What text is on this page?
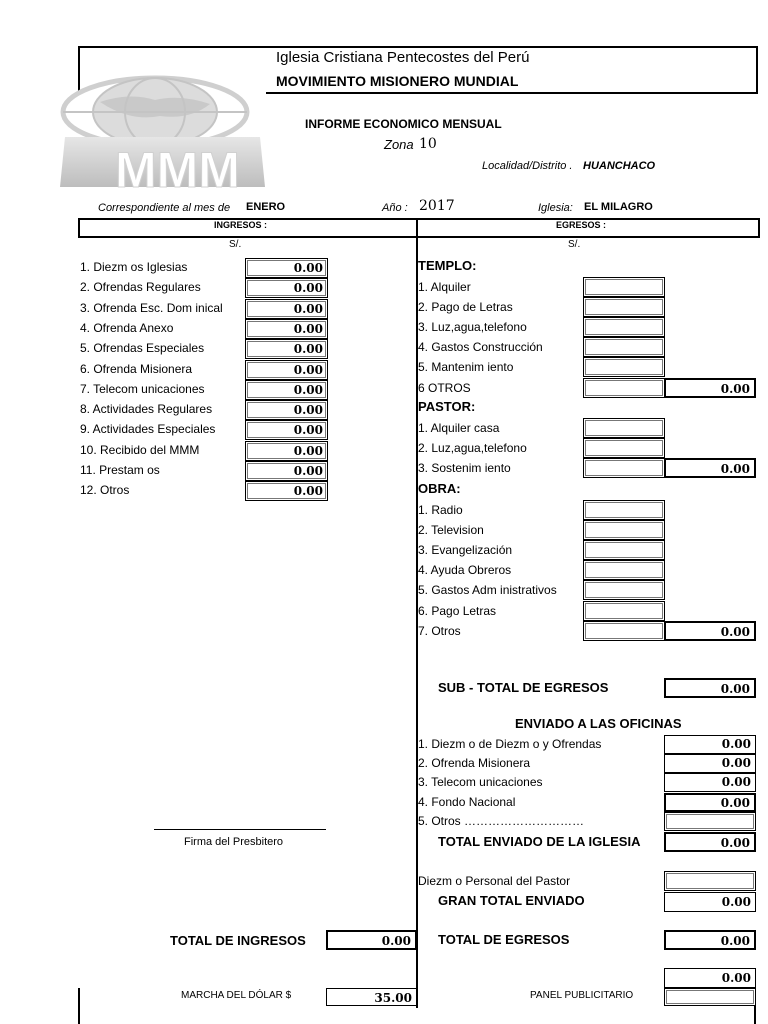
Iglesia Cristiana Pentecostes del Perú
MOVIMIENTO MISIONERO MUNDIAL
MMM
INFORME ECONOMICO MENSUAL
Zona 10
Localidad/Distrito . HUANCHACO
Correspondiente al mes de ENERO	Año : 2017	Iglesia: EL MILAGRO
INGRESOS :	EGRESOS :
S/.	S/.
1. Diezm os Iglesias	0.00
2. Ofrendas Regulares	0.00
3. Ofrenda Esc. Dom inical	0.00
4. Ofrenda Anexo	0.00
5. Ofrendas Especiales	0.00
6. Ofrenda Misionera	0.00
7. Telecom unicaciones	0.00
8. Actividades Regulares	0.00
9. Actividades Especiales	0.00
10. Recibido del MMM	0.00
11. Prestam os	0.00
12. Otros	0.00
Firma del Presbitero
TOTAL DE INGRESOS	0.00
MARCHA DEL DÓLAR $	35.00	PANEL PUBLICITARIO
TEMPLO:
1. Alquiler
2. Pago de Letras
3. Luz,agua,telefono
4. Gastos Construcción
5. Mantenim iento
6 OTROS	0.00
PASTOR:
1. Alquiler casa
2. Luz,agua,telefono
3. Sostenim iento	0.00
OBRA:
1. Radio
2. Television
3. Evangelización
4. Ayuda Obreros
5. Gastos Adm inistrativos
6. Pago Letras
7. Otros	0.00
SUB - TOTAL DE EGRESOS	0.00
ENVIADO A LAS OFICINAS
1. Diezm o de Diezm o y Ofrendas	0.00
2. Ofrenda Misionera	0.00
3. Telecom unicaciones	0.00
4. Fondo Nacional	0.00
5. Otros …………………………
TOTAL ENVIADO DE LA IGLESIA	0.00
Diezm o Personal del Pastor
GRAN TOTAL ENVIADO	0.00
TOTAL DE EGRESOS	0.00
0.00
